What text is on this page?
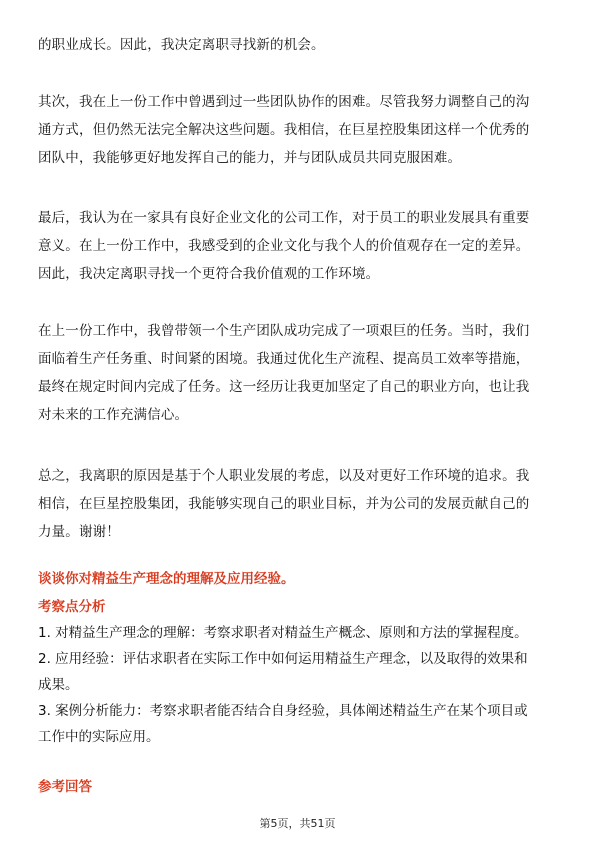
的职业成长。因此，我决定离职寻找新的机会。

其次，我在上一份工作中曾遇到过一些团队协作的困难。尽管我努力调整自己的沟
通方式，但仍然无法完全解决这些问题。我相信，在巨星控股集团这样一个优秀的
团队中，我能够更好地发挥自己的能力，并与团队成员共同克服困难。

最后，我认为在一家具有良好企业文化的公司工作，对于员工的职业发展具有重要
意义。在上一份工作中，我感受到的企业文化与我个人的价值观存在一定的差异。
因此，我决定离职寻找一个更符合我价值观的工作环境。

在上一份工作中，我曾带领一个生产团队成功完成了一项艰巨的任务。当时，我们
面临着生产任务重、时间紧的困境。我通过优化生产流程、提高员工效率等措施，
最终在规定时间内完成了任务。这一经历让我更加坚定了自己的职业方向，也让我
对未来的工作充满信心。

总之，我离职的原因是基于个人职业发展的考虑，以及对更好工作环境的追求。我
相信，在巨星控股集团，我能够实现自己的职业目标，并为公司的发展贡献自己的
力量。谢谢！

谈谈你对精益生产理念的理解及应用经验。
考察点分析
1. 对精益生产理念的理解：考察求职者对精益生产概念、原则和方法的掌握程度。
2. 应用经验：评估求职者在实际工作中如何运用精益生产理念，以及取得的效果和
成果。
3. 案例分析能力：考察求职者能否结合自身经验，具体阐述精益生产在某个项目或
工作中的实际应用。
参考回答

第5页，共51页
